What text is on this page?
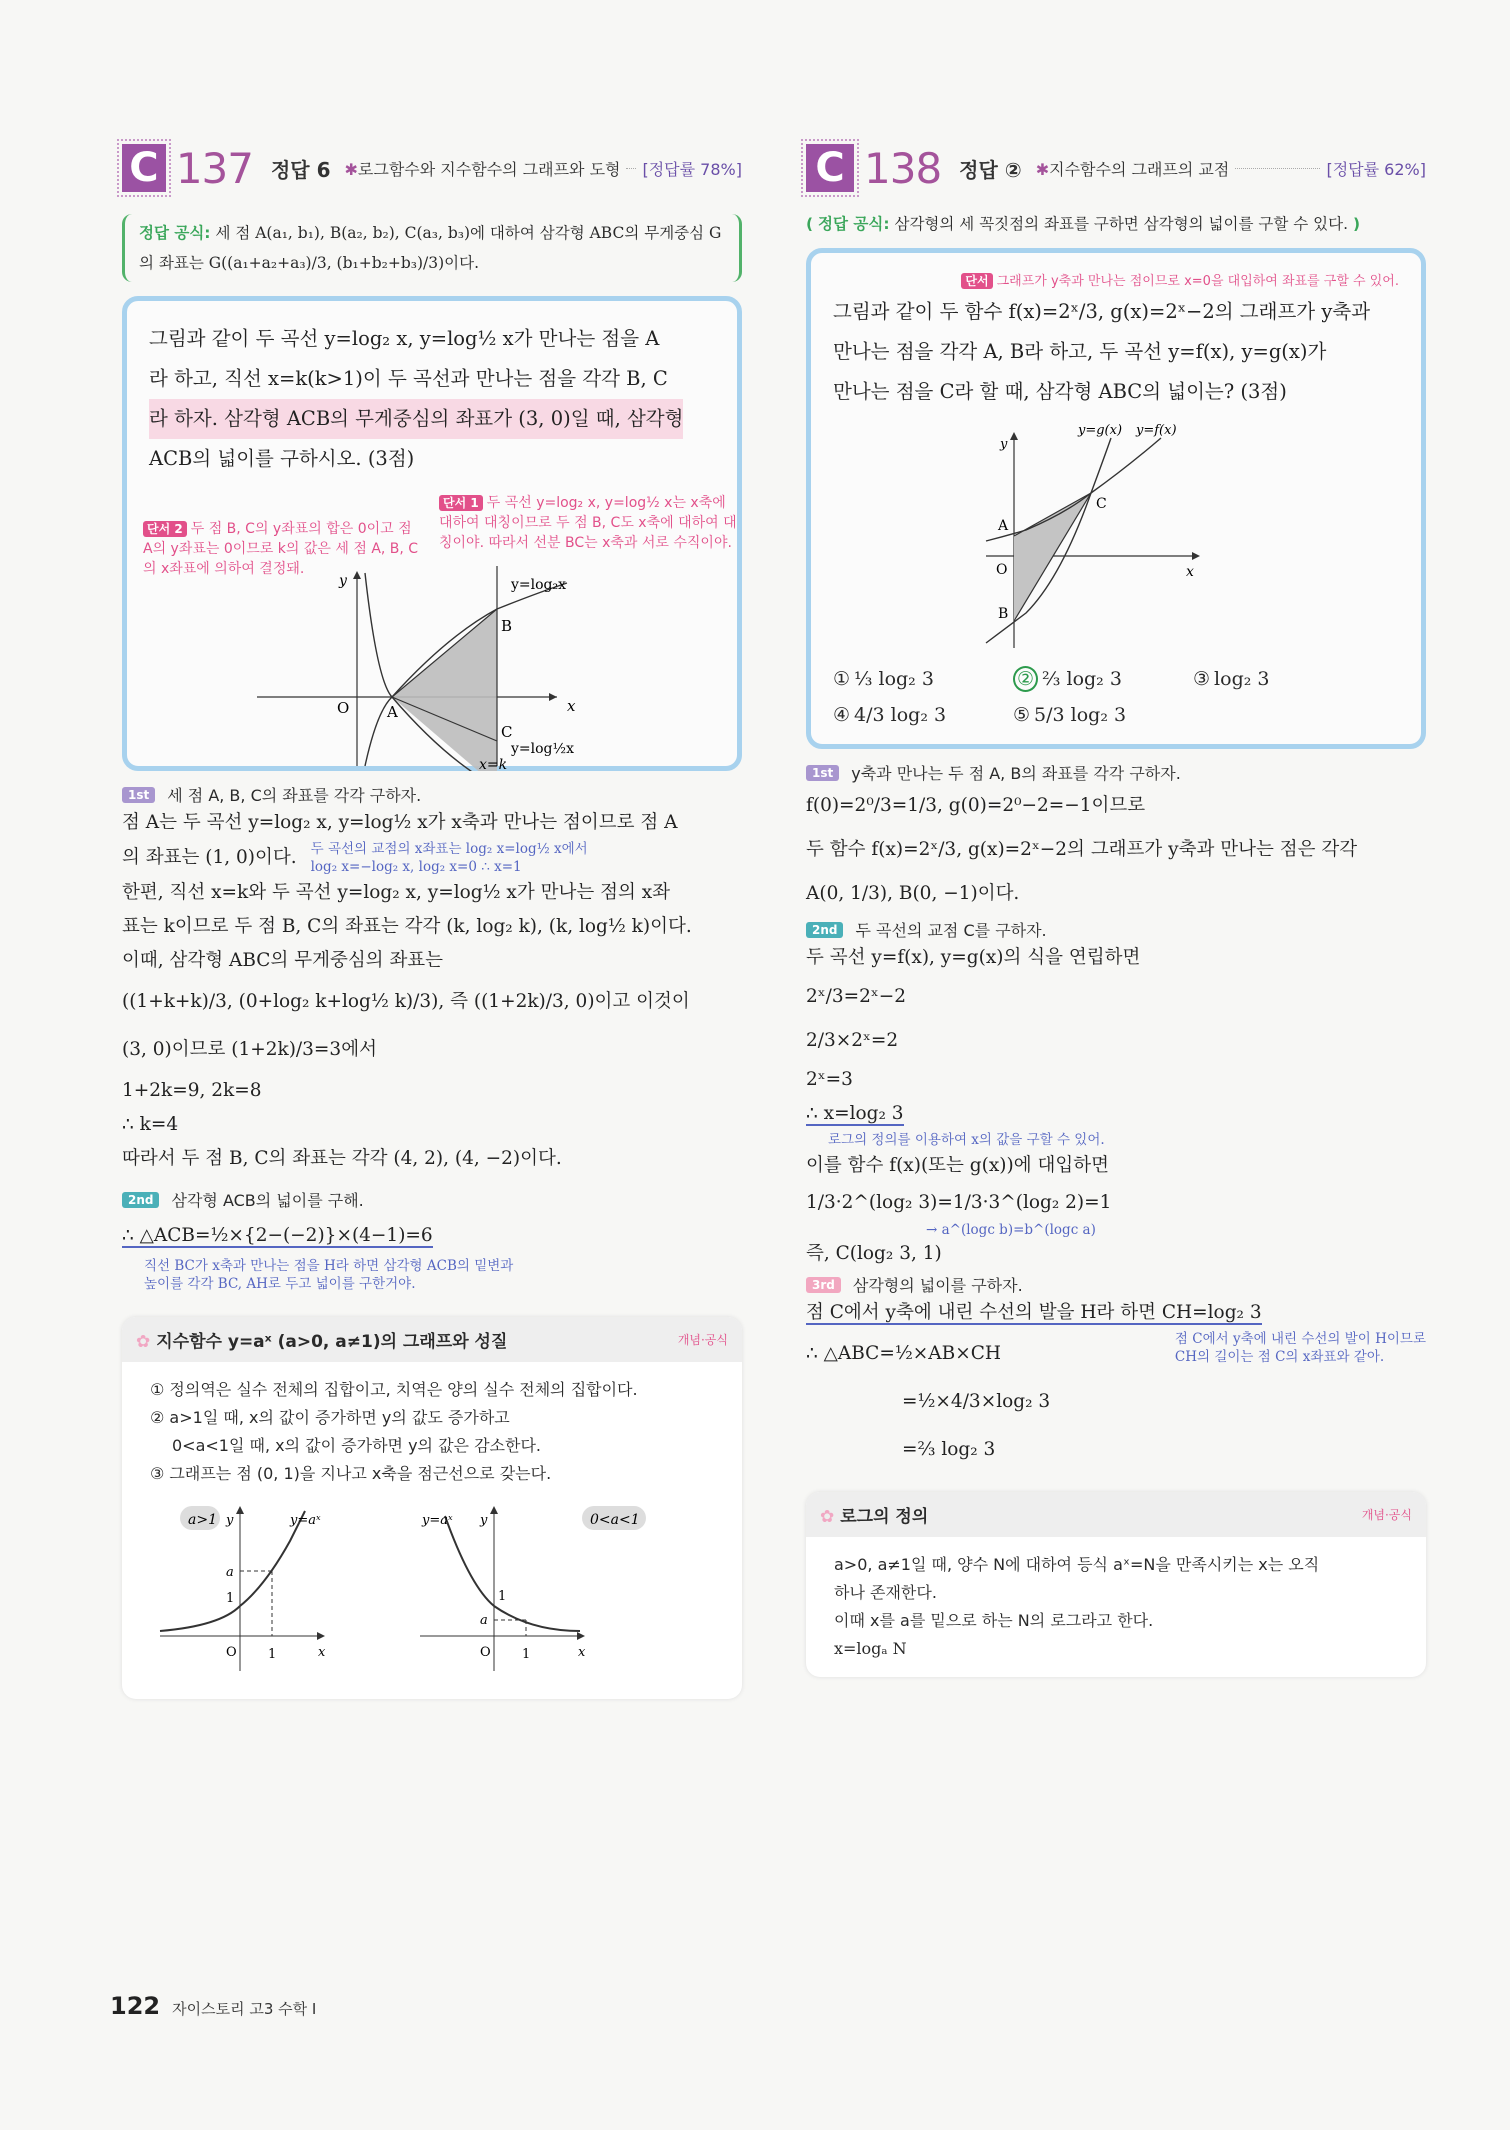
C 137 정답 6 ✱로그함수와 지수함수의 그래프와 도형 [정답률 78%]
정답 공식: 세 점 A(a₁, b₁), B(a₂, b₂), C(a₃, b₃)에 대하여 삼각형 ABC의 무게중심 G의 좌표는 G((a₁+a₂+a₃)/3, (b₁+b₂+b₃)/3)이다.
그림과 같이 두 곡선 y=log₂ x, y=log½ x가 만나는 점을 A
라 하고, 직선 x=k(k>1)이 두 곡선과 만나는 점을 각각 B, C
라 하자. 삼각형 ACB의 무게중심의 좌표가 (3, 0)일 때, 삼각형
ACB의 넓이를 구하시오. (3점)
단서 1 두 곡선 y=log₂ x, y=log½ x는 x축에 대하여 대칭이므로 두 점 B, C도 x축에 대하여 대칭이야. 따라서 선분 BC는 x축과 서로 수직이야.
단서 2 두 점 B, C의 y좌표의 합은 0이고 점 A의 y좌표는 0이므로 k의 값은 세 점 A, B, C의 x좌표에 의하여 결정돼.
y
O	A
B
C
x
y=log₂x
y=log½x
x=k
1st	세 점 A, B, C의 좌표를 각각 구하자.
점 A는 두 곡선 y=log₂ x, y=log½ x가 x축과 만나는 점이므로 점 A
의 좌표는 (1, 0)이다. 두 곡선의 교점의 x좌표는 log₂ x=log½ x에서
log₂ x=−log₂ x, log₂ x=0 ∴ x=1
한편, 직선 x=k와 두 곡선 y=log₂ x, y=log½ x가 만나는 점의 x좌
표는 k이므로 두 점 B, C의 좌표는 각각 (k, log₂ k), (k, log½ k)이다.
이때, 삼각형 ABC의 무게중심의 좌표는
((1+k+k)/3, (0+log₂ k+log½ k)/3), 즉 ((1+2k)/3, 0)이고 이것이
(3, 0)이므로 (1+2k)/3=3에서
1+2k=9, 2k=8
∴ k=4
따라서 두 점 B, C의 좌표는 각각 (4, 2), (4, −2)이다.
2nd	삼각형 ACB의 넓이를 구해.
∴ △ACB=½×{2−(−2)}×(4−1)=6
직선 BC가 x축과 만나는 점을 H라 하면 삼각형 ACB의 밑변과
높이를 각각 BC, AH로 두고 넓이를 구한거야.
✿ 지수함수 y=aˣ (a>0, a≠1)의 그래프와 성질	개념·공식
① 정의역은 실수 전체의 집합이고, 치역은 양의 실수 전체의 집합이다.
② a>1일 때, x의 값이 증가하면 y의 값도 증가하고
0<a<1일 때, x의 값이 증가하면 y의 값은 감소한다.
③ 그래프는 점 (0, 1)을 지나고 x축을 점근선으로 갖는다.
a>1
a
1
O 1	x
y	y=aˣ	0<a<1
a
1
O 1	x
y
y=aˣ
C 138 정답 ② ✱지수함수의 그래프의 교점	[정답률 62%]
( 정답 공식: 삼각형의 세 꼭짓점의 좌표를 구하면 삼각형의 넓이를 구할 수 있다. )
단서 그래프가 y축과 만나는 점이므로 x=0을 대입하여 좌표를 구할 수 있어.
그림과 같이 두 함수 f(x)=2ˣ/3, g(x)=2ˣ−2의 그래프가 y축과
만나는 점을 각각 A, B라 하고, 두 곡선 y=f(x), y=g(x)가
만나는 점을 C라 할 때, 삼각형 ABC의 넓이는? (3점)
y
O
A
B
C
x
y=g(x) y=f(x)
① ⅓ log₂ 3	② ⅔ log₂ 3	③ log₂ 3
④ 4/3 log₂ 3	⑤ 5/3 log₂ 3
1st	y축과 만나는 두 점 A, B의 좌표를 각각 구하자.
f(0)=2⁰/3=1/3, g(0)=2⁰−2=−1이므로
두 함수 f(x)=2ˣ/3, g(x)=2ˣ−2의 그래프가 y축과 만나는 점은 각각
A(0, 1/3), B(0, −1)이다.
2nd	두 곡선의 교점 C를 구하자.
두 곡선 y=f(x), y=g(x)의 식을 연립하면
2ˣ/3=2ˣ−2
2/3×2ˣ=2
2ˣ=3
∴ x=log₂ 3
로그의 정의를 이용하여 x의 값을 구할 수 있어.
이를 함수 f(x)(또는 g(x))에 대입하면
1/3·2^(log₂ 3)=1/3·3^(log₂ 2)=1
→ a^(logc b)=b^(logc a)
즉, C(log₂ 3, 1)
3rd	삼각형의 넓이를 구하자.
점 C에서 y축에 내린 수선의 발을 H라 하면 CH=log₂ 3
점 C에서 y축에 내린 수선의 발이 H이므로
CH의 길이는 점 C의 x좌표와 같아.
∴ △ABC=½×AB×CH
=½×4/3×log₂ 3
=⅔ log₂ 3
✿ 로그의 정의	개념·공식
a>0, a≠1일 때, 양수 N에 대하여 등식 aˣ=N을 만족시키는 x는 오직
하나 존재한다.
이때 x를 a를 밑으로 하는 N의 로그라고 한다.
x=logₐ N
122 자이스토리 고3 수학 I
